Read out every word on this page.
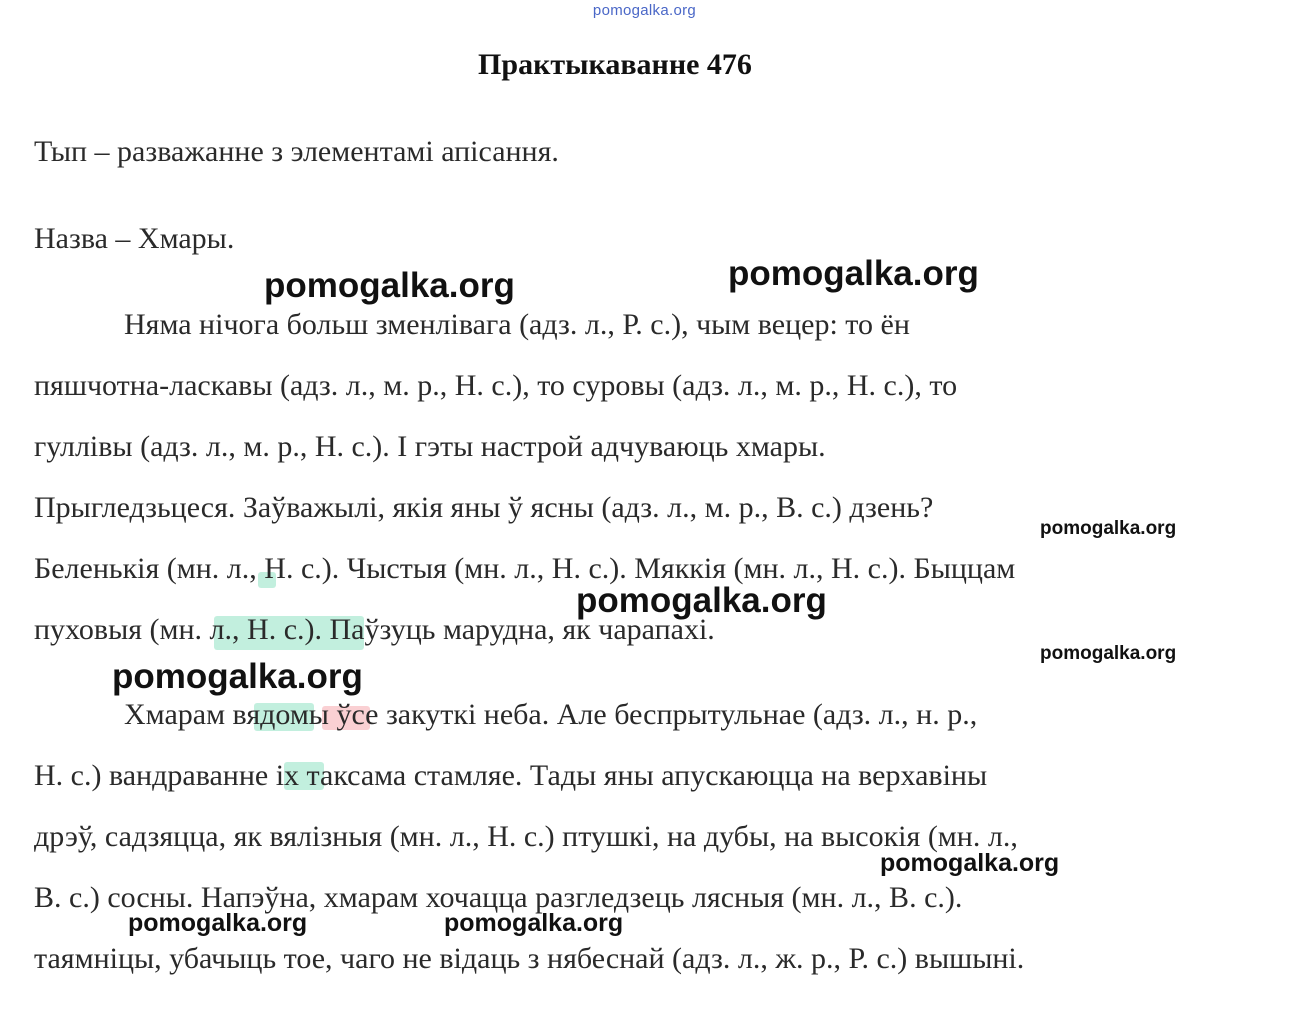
pomogalka.org
Практыкаванне 476
Тып – разважанне з элементамі апісання.
Назва – Хмары.
Няма нічога больш зменлівага (адз. л., Р. с.), чым вецер: то ён
пяшчотна-ласкавы (адз. л., м. р., Н. с.), то суровы (адз. л., м. р., Н. с.), то
гуллівы (адз. л., м. р., Н. с.). І гэты настрой адчуваюць хмары.
Прыгледзьцеся. Заўважылі, якія яны ў ясны (адз. л., м. р., В. с.) дзень?
Беленькія (мн. л., Н. с.). Чыстыя (мн. л., Н. с.). Мяккія (мн. л., Н. с.). Быццам
пуховыя (мн. л., Н. с.). Паўзуць марудна, як чарапахі.
Хмарам вядомы ўсе закуткі неба. Але беспрытульнае (адз. л., н. р.,
Н. с.) вандраванне іх таксама стамляе. Тады яны апускаюцца на верхавіны
дрэў, садзяцца, як вялізныя (мн. л., Н. с.) птушкі, на дубы, на высокія (мн. л.,
В. с.) сосны. Напэўна, хмарам хочацца разгледзець лясныя (мн. л., В. с.).
таямніцы, убачыць тое, чаго не відаць з нябеснай (адз. л., ж. р., Р. с.) вышыні.
pomogalka.org	pomogalka.org
pomogalka.org
pomogalka.org
pomogalka.org
pomogalka.org
pomogalka.org
pomogalka.org	pomogalka.org
